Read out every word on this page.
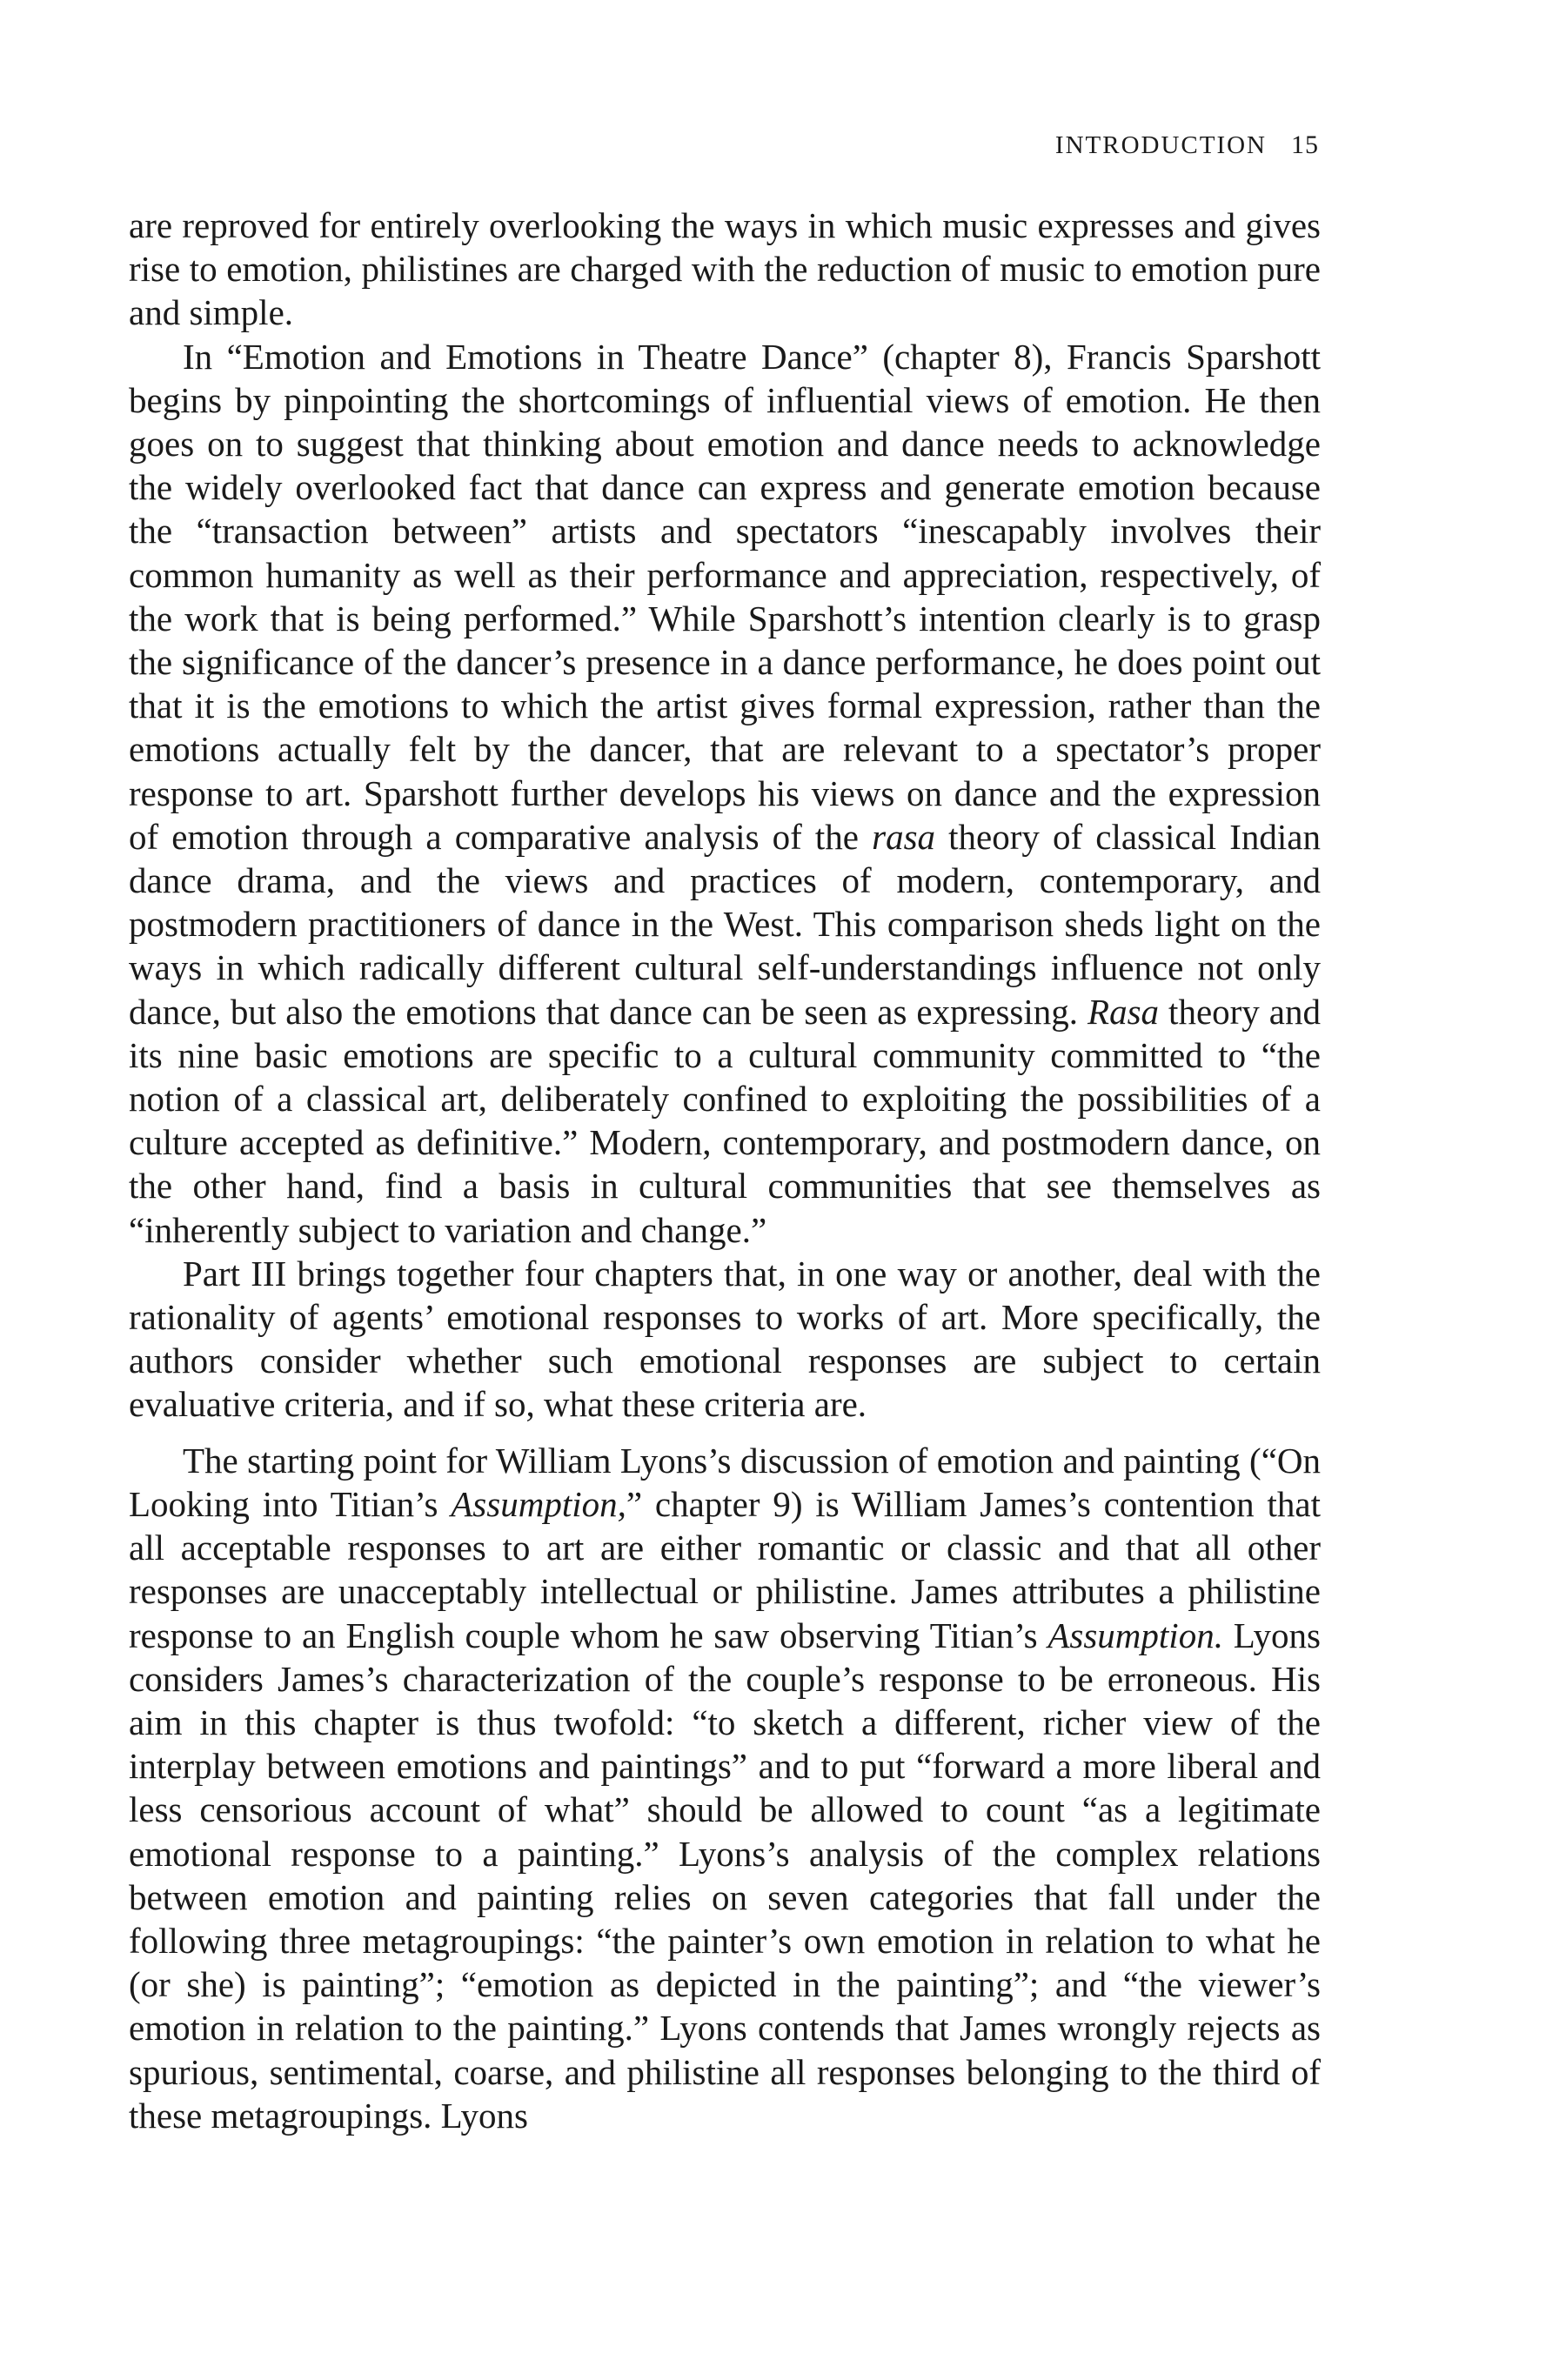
INTRODUCTION 15

are reproved for entirely overlooking the ways in which music expresses and gives rise to emotion, philistines are charged with the reduction of music to emotion pure and simple.

In “Emotion and Emotions in Theatre Dance” (chapter 8), Francis Sparshott begins by pinpointing the shortcomings of influential views of emotion. He then goes on to suggest that thinking about emotion and dance needs to acknowledge the widely overlooked fact that dance can express and generate emotion because the “transaction between” artists and spectators “inescapably involves their common humanity as well as their performance and appreciation, respectively, of the work that is being performed.” While Sparshott’s intention clearly is to grasp the significance of the dancer’s presence in a dance performance, he does point out that it is the emotions to which the artist gives formal expression, rather than the emotions actually felt by the dancer, that are relevant to a spectator’s proper response to art. Sparshott further develops his views on dance and the expression of emotion through a comparative analysis of the rasa theory of classical Indian dance drama, and the views and practices of modern, contemporary, and postmodern practitioners of dance in the West. This comparison sheds light on the ways in which radically different cultural self-understandings influence not only dance, but also the emotions that dance can be seen as expressing. Rasa theory and its nine basic emotions are specific to a cultural community committed to “the notion of a classical art, deliberately confined to exploiting the possibilities of a culture accepted as definitive.” Modern, contemporary, and postmodern dance, on the other hand, find a basis in cultural communities that see themselves as “inherently subject to variation and change.”

Part III brings together four chapters that, in one way or another, deal with the rationality of agents’ emotional responses to works of art. More specifically, the authors consider whether such emotional responses are subject to certain evaluative criteria, and if so, what these criteria are.

The starting point for William Lyons’s discussion of emotion and painting (“On Looking into Titian’s Assumption,” chapter 9) is William James’s contention that all acceptable responses to art are either romantic or classic and that all other responses are unacceptably intellectual or philistine. James attributes a philistine response to an English couple whom he saw observing Titian’s Assumption. Lyons considers James’s characterization of the couple’s response to be erroneous. His aim in this chapter is thus twofold: “to sketch a different, richer view of the interplay between emotions and paintings” and to put “forward a more liberal and less censorious account of what” should be allowed to count “as a legitimate emotional response to a painting.” Lyons’s analysis of the complex relations between emotion and painting relies on seven categories that fall under the following three metagroupings: “the painter’s own emotion in relation to what he (or she) is painting”; “emotion as depicted in the painting”; and “the viewer’s emotion in relation to the painting.” Lyons contends that James wrongly rejects as spurious, sentimental, coarse, and philistine all responses belonging to the third of these metagroupings. Lyons
